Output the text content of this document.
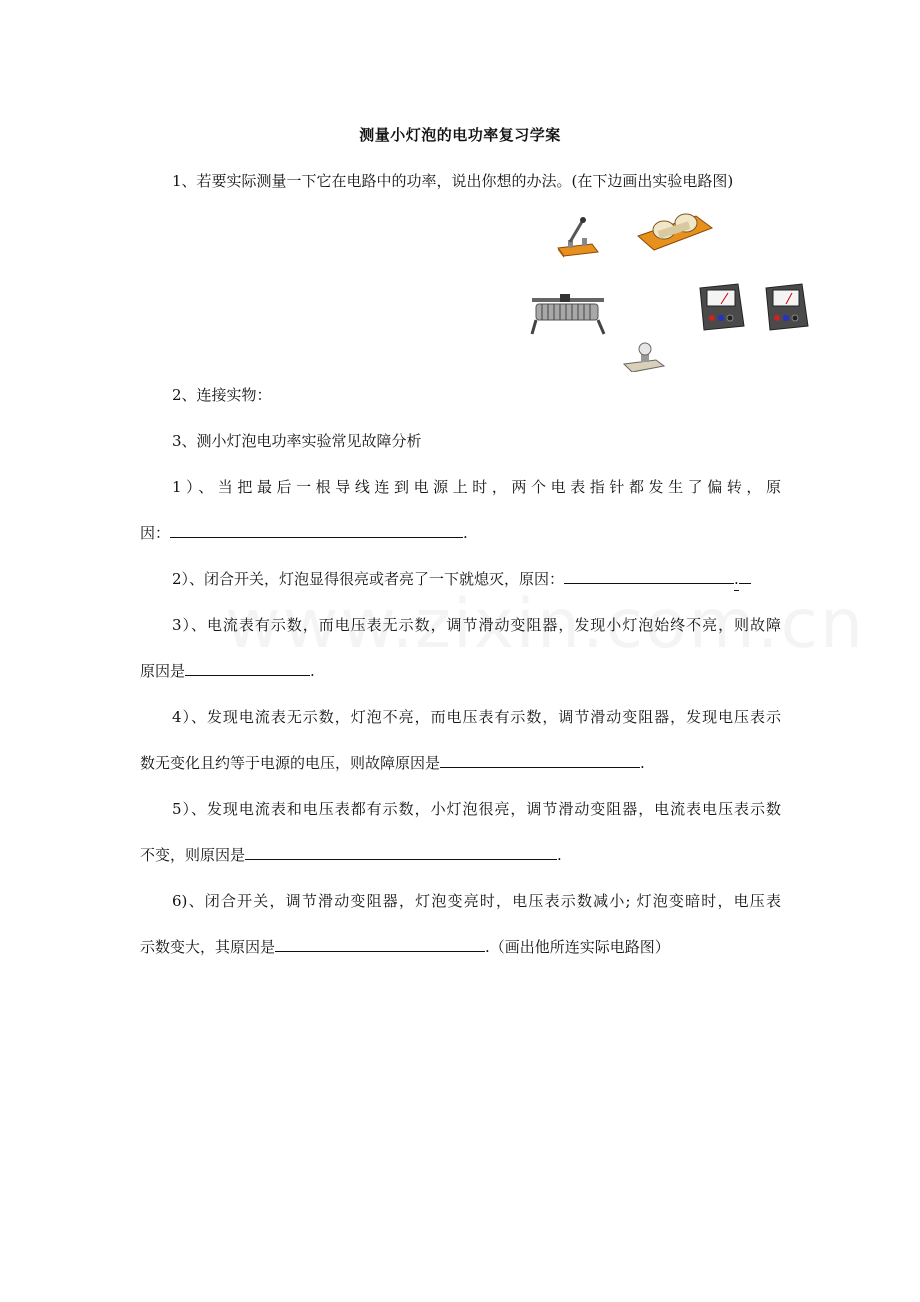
测量小灯泡的电功率复习学案
1、若要实际测量一下它在电路中的功率，说出你想的办法。(在下边画出实验电路图)
2、连接实物：
3、测小灯泡电功率实验常见故障分析
1）、当把最后一根导线连到电源上时，两个电表指针都发生了偏转，原
因：	.
2）、闭合开关，灯泡显得很亮或者亮了一下就熄灭，原因：	.
3）、电流表有示数，而电压表无示数，调节滑动变阻器，发现小灯泡始终不亮，则故障
原因是	.
4）、发现电流表无示数，灯泡不亮，而电压表有示数，调节滑动变阻器，发现电压表示
数无变化且约等于电源的电压，则故障原因是	.
5）、发现电流表和电压表都有示数，小灯泡很亮，调节滑动变阻器，电流表电压表示数
不变，则原因是	.
6)、闭合开关，调节滑动变阻器，灯泡变亮时，电压表示数减小; 灯泡变暗时，电压表
示数变大，其原因是	.（画出他所连实际电路图）
